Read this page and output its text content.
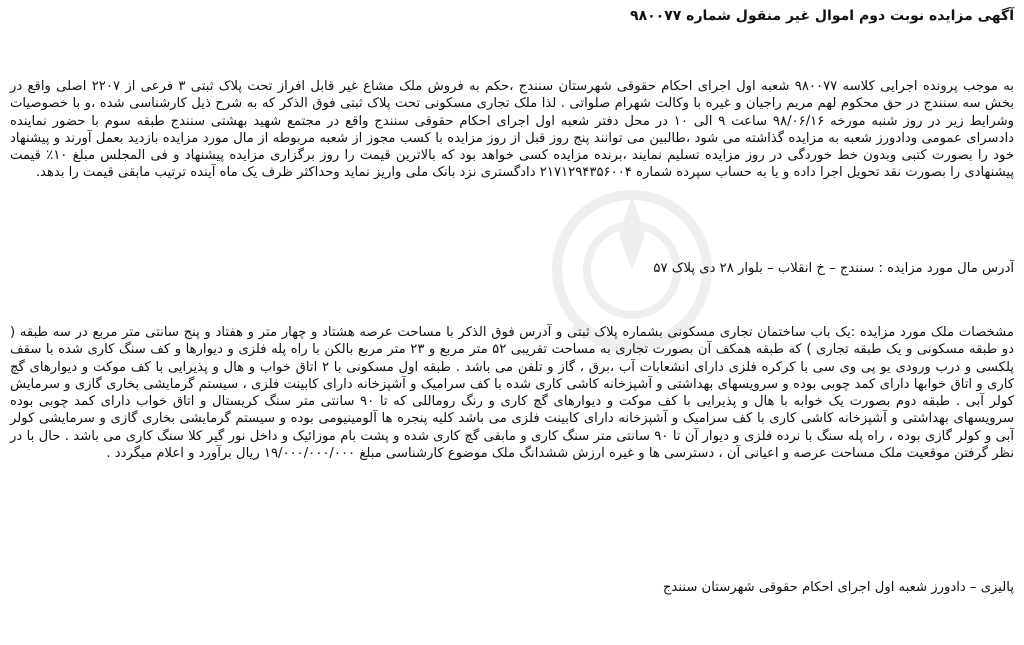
آگهی مزایده نوبت دوم اموال غیر منقول شماره ۹۸۰۰۷۷

به موجب پرونده اجرایی کلاسه ۹۸۰۰۷۷ شعبه اول اجرای احکام حقوقی شهرستان سنندج ،حکم به فروش ملک مشاع غیر قابل افراز تحت پلاک ثبتی ۳ فرعی از ۲۲۰۷ اصلی واقع در بخش سه سنندج در حق محکوم لهم مریم راجیان و غیره با وکالت شهرام صلواتی . لذا ملک تجاری مسکونی تحت پلاک ثبتی فوق الذکر که به شرح ذیل کارشناسی شده ،و با خصوصیات وشرایط زیر در روز شنبه مورخه ۹۸/۰۶/۱۶ ساعت ۹ الی ۱۰ در محل دفتر شعبه اول اجرای احکام حقوقی سنندج واقع در مجتمع شهید بهشتی سنندج طبقه سوم با حضور نماینده دادسرای عمومی ودادورز شعبه به مزایده گذاشته می شود ،طالبین می توانند پنج روز قبل از روز مزایده با کسب مجوز از شعبه مربوطه از مال مورد مزایده بازدید بعمل آورند و پیشنهاد خود را بصورت کتبی وبدون خط خوردگی در روز مزایده تسلیم نمایند ،برنده مزایده کسی خواهد بود که بالاترین قیمت را روز برگزاری مزایده پیشنهاد و فی المجلس مبلغ ۱۰٪ قیمت پیشنهادی را بصورت نقد تحویل اجرا داده و یا به حساب سپرده شماره ۲۱۷۱۲۹۴۳۵۶۰۰۴ دادگستری نزد بانک ملی واریز نماید وحداکثر ظرف یک ماه آینده ترتیب مابقی قیمت را بدهد.

آدرس مال مورد مزایده : سنندج – خ انقلاب – بلوار ۲۸ دی پلاک ۵۷

مشخصات ملک مورد مزایده :یک باب ساختمان تجاری مسکونی بشماره پلاک ثبتی و آدرس فوق الذکر با مساحت عرصه هشتاد و چهار متر و هفتاد و پنج سانتی متر مربع در سه طبقه ( دو طبقه مسکونی و یک طبقه تجاری ) که طبقه همکف آن بصورت تجاری به مساحت تقریبی ۵۲ متر مربع و ۲۳ متر مربع بالکن با راه پله فلزی و دیوارها و کف سنگ کاری شده با سقف پلکسی و درب ورودی یو پی وی سی با کرکره فلزی دارای انشعابات آب ،برق ، گاز و تلفن می باشد . طبقه اول مسکونی با ۲ اتاق خواب و هال و پذیرایی با کف موکت و دیوارهای گچ کاری و اتاق خوابها دارای کمد چوبی بوده و سرویسهای بهداشتی و آشپزخانه کاشی کاری شده با کف سرامیک و آشپزخانه دارای کابینت فلزی ، سیستم گرمایشی بخاری گازی و سرمایش کولر آبی . طبقه دوم بصورت یک خوابه با هال و پذیرایی با کف موکت و دیوارهای گچ کاری و رنگ روماللی که تا ۹۰ سانتی متر سنگ کریستال و اتاق خواب دارای کمد چوبی بوده سرویسهای بهداشتی و آشپزخانه کاشی کاری با کف سرامیک و آشپزخانه دارای کابینت فلزی می باشد کلیه پنجره ها آلومینیومی بوده و سیستم گرمایشی بخاری گازی و سرمایشی کولر آبی و کولر گازی بوده ، راه پله سنگ با نرده فلزی و دیوار آن تا ۹۰ سانتی متر سنگ کاری و مابقی گچ کاری شده و پشت بام موزائیک و داخل نور گیر کلا سنگ کاری می باشد . حال با در نظر گرفتن موقعیت ملک مساحت عرصه و اعیانی آن ، دسترسی ها و غیره ارزش ششدانگ ملک موضوع کارشناسی مبلغ ۱۹/۰۰۰/۰۰۰/۰۰۰ ریال برآورد و اعلام میگردد .

پالیزی – دادورز شعبه اول اجرای احکام حقوقی شهرستان سنندج
